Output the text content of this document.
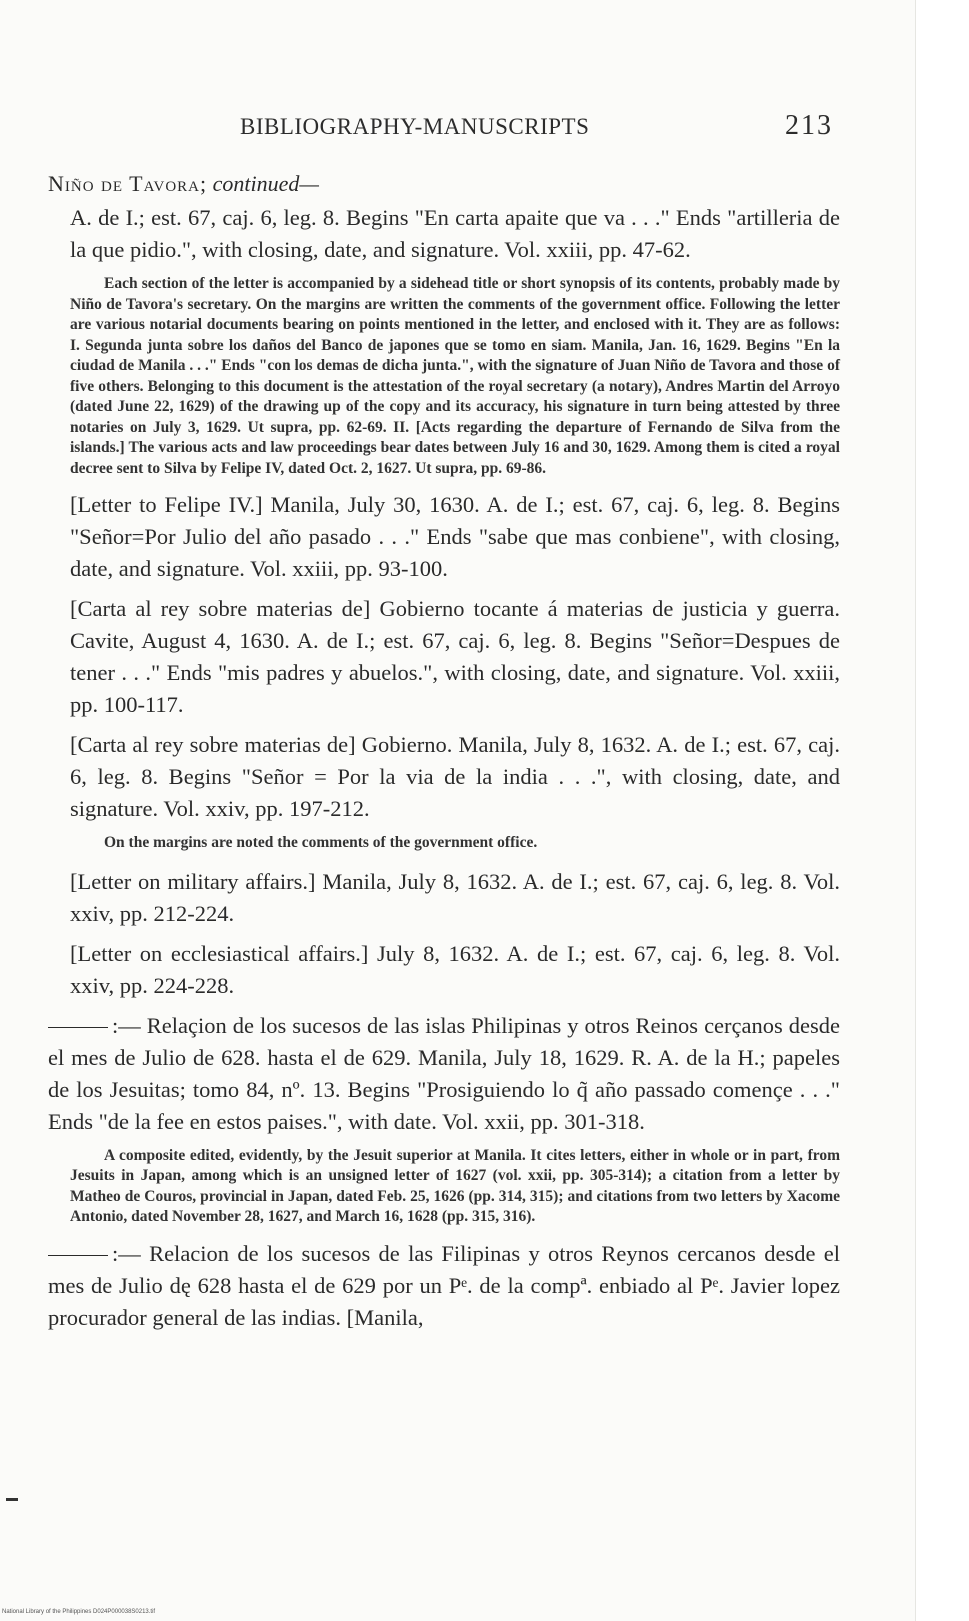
BIBLIOGRAPHY-MANUSCRIPTS	213

Niño de Tavora; continued—

A. de I.; est. 67, caj. 6, leg. 8. Begins "En carta apaite que va . . ." Ends "artilleria de la que pidio.", with closing, date, and signature. Vol. xxiii, pp. 47-62.

Each section of the letter is accompanied by a sidehead title or short synopsis of its contents, probably made by Niño de Tavora's secretary. On the margins are written the comments of the government office. Following the letter are various notarial documents bearing on points mentioned in the letter, and enclosed with it. They are as follows: I. Segunda junta sobre los daños del Banco de japones que se tomo en siam. Manila, Jan. 16, 1629. Begins "En la ciudad de Manila . . ." Ends "con los demas de dicha junta.", with the signature of Juan Niño de Tavora and those of five others. Belonging to this document is the attestation of the royal secretary (a notary), Andres Martin del Arroyo (dated June 22, 1629) of the drawing up of the copy and its accuracy, his signature in turn being attested by three notaries on July 3, 1629. Ut supra, pp. 62-69. II. [Acts regarding the departure of Fernando de Silva from the islands.] The various acts and law proceedings bear dates between July 16 and 30, 1629. Among them is cited a royal decree sent to Silva by Felipe IV, dated Oct. 2, 1627. Ut supra, pp. 69-86.

[Letter to Felipe IV.] Manila, July 30, 1630. A. de I.; est. 67, caj. 6, leg. 8. Begins "Señor=Por Julio del año pasado . . ." Ends "sabe que mas conbiene", with closing, date, and signature. Vol. xxiii, pp. 93-100.

[Carta al rey sobre materias de] Gobierno tocante á materias de justicia y guerra. Cavite, August 4, 1630. A. de I.; est. 67, caj. 6, leg. 8. Begins "Señor=Despues de tener . . ." Ends "mis padres y abuelos.", with closing, date, and signature. Vol. xxiii, pp. 100-117.

[Carta al rey sobre materias de] Gobierno. Manila, July 8, 1632. A. de I.; est. 67, caj. 6, leg. 8. Begins "Señor = Por la via de la india . . .", with closing, date, and signature. Vol. xxiv, pp. 197-212.

On the margins are noted the comments of the government office.

[Letter on military affairs.] Manila, July 8, 1632. A. de I.; est. 67, caj. 6, leg. 8. Vol. xxiv, pp. 212-224.

[Letter on ecclesiastical affairs.] July 8, 1632. A. de I.; est. 67, caj. 6, leg. 8. Vol. xxiv, pp. 224-228.

:— Relaçion de los sucesos de las islas Philipinas y otros Reinos cerçanos desde el mes de Julio de 628. hasta el de 629. Manila, July 18, 1629. R. A. de la H.; papeles de los Jesuitas; tomo 84, nº. 13. Begins "Prosiguiendo lo q̃ año passado començe . . ." Ends "de la fee en estos paises.", with date. Vol. xxii, pp. 301-318.

A composite edited, evidently, by the Jesuit superior at Manila. It cites letters, either in whole or in part, from Jesuits in Japan, among which is an unsigned letter of 1627 (vol. xxii, pp. 305-314); a citation from a letter by Matheo de Couros, provincial in Japan, dated Feb. 25, 1626 (pp. 314, 315); and citations from two letters by Xacome Antonio, dated November 28, 1627, and March 16, 1628 (pp. 315, 316).

:— Relacion de los sucesos de las Filipinas y otros Reynos cercanos desde el mes de Julio dę 628 hasta el de 629 por un Pᵉ. de la compª. enbiado al Pᵉ. Javier lopez procurador general de las indias. [Manila,

National Library of the Philippines D024P000038S0213.tif
